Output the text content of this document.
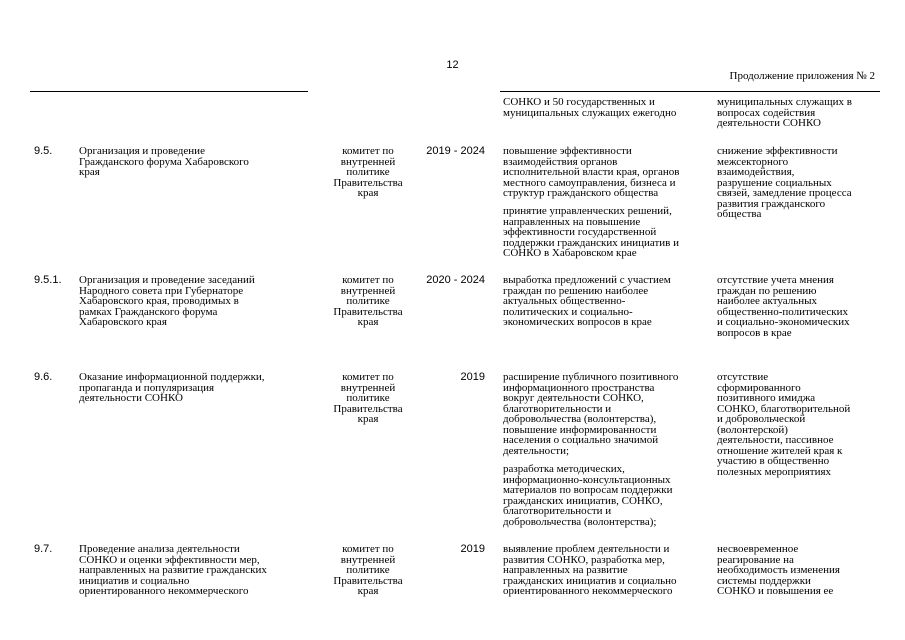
12
Продолжение приложения № 2
СОНКО и 50 государственных и
муниципальных служащих ежегодно
муниципальных служащих в
вопросах содействия
деятельности СОНКО
9.5. Организация и проведение
Гражданского форума Хабаровского
края
комитет по
внутренней
политике
Правительства
края
2019 - 2024 повышение эффективности
взаимодействия органов
исполнительной власти края, органов
местного самоуправления, бизнеса и
структур гражданского общества
принятие управленческих решений,
направленных на повышение
эффективности государственной
поддержки гражданских инициатив и
СОНКО в Хабаровском крае
снижение эффективности
межсекторного
взаимодействия,
разрушение социальных
связей, замедление процесса
развития гражданского
общества
9.5.1. Организация и проведение заседаний
Народного совета при Губернаторе
Хабаровского края, проводимых в
рамках Гражданского форума
Хабаровского края
комитет по
внутренней
политике
Правительства
края
2020 - 2024 выработка предложений с участием
граждан по решению наиболее
актуальных общественно-
политических и социально-
экономических вопросов в крае
отсутствие учета мнения
граждан по решению
наиболее актуальных
общественно-политических
и социально-экономических
вопросов в крае
9.6. Оказание информационной поддержки,
пропаганда и популяризация
деятельности СОНКО
комитет по
внутренней
политике
Правительства
края
2019 расширение публичного позитивного
информационного пространства
вокруг деятельности СОНКО,
благотворительности и
добровольчества (волонтерства),
повышение информированности
населения о социально значимой
деятельности;
разработка методических,
информационно-консультационных
материалов по вопросам поддержки
гражданских инициатив, СОНКО,
благотворительности и
добровольчества (волонтерства);
отсутствие
сформированного
позитивного имиджа
СОНКО, благотворительной
и добровольческой
(волонтерской)
деятельности, пассивное
отношение жителей края к
участию в общественно
полезных мероприятиях
9.7. Проведение анализа деятельности
СОНКО и оценки эффективности мер,
направленных на развитие гражданских
инициатив и социально
ориентированного некоммерческого
комитет по
внутренней
политике
Правительства
края
2019 выявление проблем деятельности и
развития СОНКО, разработка мер,
направленных на развитие
гражданских инициатив и социально
ориентированного некоммерческого
несвоевременное
реагирование на
необходимость изменения
системы поддержки
СОНКО и повышения ее
